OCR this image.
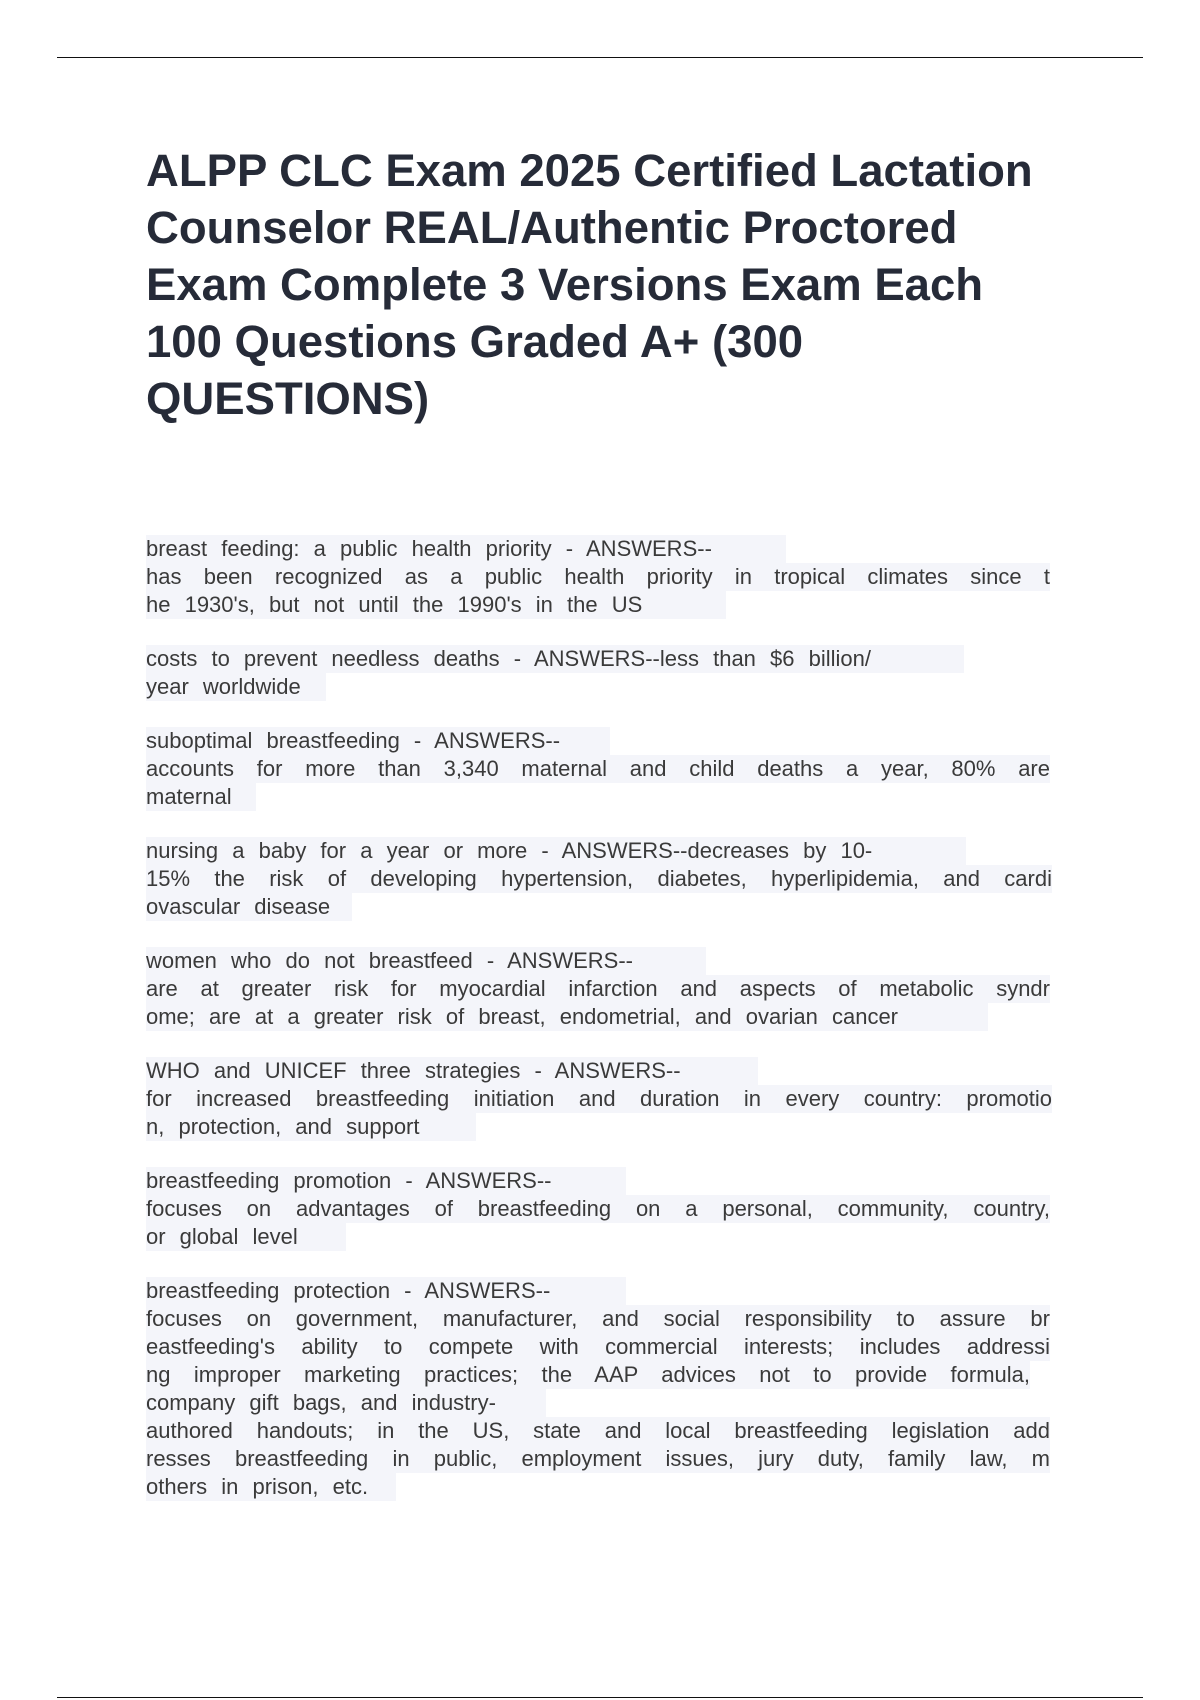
ALPP CLC Exam 2025 Certified Lactation Counselor REAL/Authentic Proctored Exam Complete 3 Versions Exam Each 100 Questions Graded A+ (300 QUESTIONS)
breast feeding: a public health priority - ANSWERS--
has been recognized as a public health priority in tropical climates since t
he 1930's, but not until the 1990's in the US
costs to prevent needless deaths - ANSWERS--less than $6 billion/
year worldwide
suboptimal breastfeeding - ANSWERS--
accounts for more than 3,340 maternal and child deaths a year, 80% are
maternal
nursing a baby for a year or more - ANSWERS--decreases by 10-
15% the risk of developing hypertension, diabetes, hyperlipidemia, and cardi
ovascular disease
women who do not breastfeed - ANSWERS--
are at greater risk for myocardial infarction and aspects of metabolic syndr
ome; are at a greater risk of breast, endometrial, and ovarian cancer
WHO and UNICEF three strategies - ANSWERS--
for increased breastfeeding initiation and duration in every country: promotio
n, protection, and support
breastfeeding promotion - ANSWERS--
focuses on advantages of breastfeeding on a personal, community, country,
or global level
breastfeeding protection - ANSWERS--
focuses on government, manufacturer, and social responsibility to assure br
eastfeeding's ability to compete with commercial interests; includes addressi
ng improper marketing practices; the AAP advices not to provide formula,
company gift bags, and industry-
authored handouts; in the US, state and local breastfeeding legislation add
resses breastfeeding in public, employment issues, jury duty, family law, m
others in prison, etc.
